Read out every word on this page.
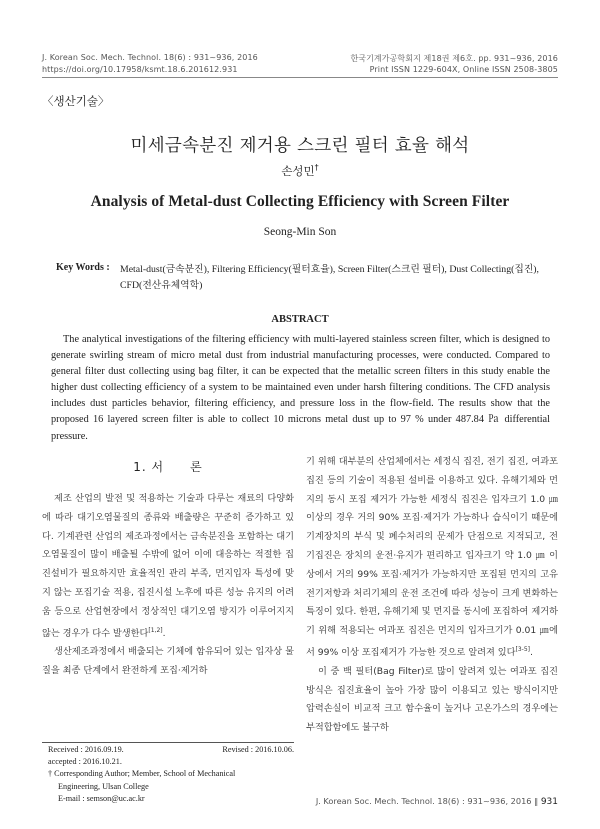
J. Korean Soc. Mech. Technol. 18(6) : 931~936, 2016
https://doi.org/10.17958/ksmt.18.6.201612.931
한국기계가공학회지 제18권 제6호. pp. 931~936, 2016
Print ISSN 1229-604X, Online ISSN 2508-3805
〈생산기술〉
미세금속분진 제거용 스크린 필터 효율 해석
손성민†
Analysis of Metal-dust Collecting Efficiency with Screen Filter
Seong-Min Son
Key Words : Metal-dust(금속분진), Filtering Efficiency(필터효율), Screen Filter(스크린 필터), Dust Collecting(집진), CFD(전산유체역학)
ABSTRACT
The analytical investigations of the filtering efficiency with multi-layered stainless screen filter, which is designed to generate swirling stream of micro metal dust from industrial manufacturing processes, were conducted. Compared to general filter dust collecting using bag filter, it can be expected that the metallic screen filters in this study enable the higher dust collecting efficiency of a system to be maintained even under harsh filtering conditions. The CFD analysis includes dust particles behavior, filtering efficiency, and pressure loss in the flow-field. The results show that the proposed 16 layered screen filter is able to collect 10 microns metal dust up to 97 % under 487.84 ㎩ differential pressure.
1. 서　　론

제조 산업의 발전 및 적용하는 기술과 다루는 재료의 다양화에 따라 대기오염물질의 종류와 배출량은 꾸준히 증가하고 있다. 기계관련 산업의 제조과정에서는 금속분진을 포함하는 대기오염물질이 많이 배출될 수밖에 없어 이에 대응하는 적절한 집진설비가 필요하지만 효율적인 관리 부족, 먼지입자 특성에 맞지 않는 포집기술 적용, 집진시설 노후에 따른 성능 유지의 어려움 등으로 산업현장에서 정상적인 대기오염 방지가 이루어지지 않는 경우가 다수 발생한다[1,2].

생산제조과정에서 배출되는 기체에 함유되어 있는 입자상 물질을 최종 단계에서 완전하게 포집·제거하

기 위해 대부분의 산업체에서는 세정식 집진, 전기 집진, 여과포 집진 등의 기술이 적용된 설비를 이용하고 있다. 유해기체와 먼지의 동시 포집 제거가 가능한 세정식 집진은 입자크기 1.0 ㎛ 이상의 경우 거의 90% 포집·제거가 가능하나 습식이기 때문에 기계장치의 부식 및 폐수처리의 문제가 단점으로 지적되고, 전기집진은 장치의 운전·유지가 편리하고 입자크기 약 1.0 ㎛ 이상에서 거의 99% 포집·제거가 가능하지만 포집된 먼지의 고유전기저항과 처리기체의 운전 조건에 따라 성능이 크게 변화하는 특징이 있다. 한편, 유해기체 및 먼지를 동시에 포집하여 제거하기 위해 적용되는 여과포 집진은 먼지의 입자크기가 0.01 ㎛에서 99% 이상 포집제거가 가능한 것으로 알려져 있다[3-5].

이 중 백 필터(Bag Filter)로 많이 알려져 있는 여과포 집진방식은 집진효율이 높아 가장 많이 이용되고 있는 방식이지만 압력손실이 비교적 크고 함수율이 높거나 고온가스의 경우에는 부적합함에도 불구하

Received : 2016.09.19.	Revised : 2016.10.06.
accepted : 2016.10.21.
† Corresponding Author; Member, School of Mechanical
Engineering, Ulsan College
E-mail : semson@uc.ac.kr	J. Korean Soc. Mech. Technol. 18(6) : 931~936, 2016 ‖ 931
